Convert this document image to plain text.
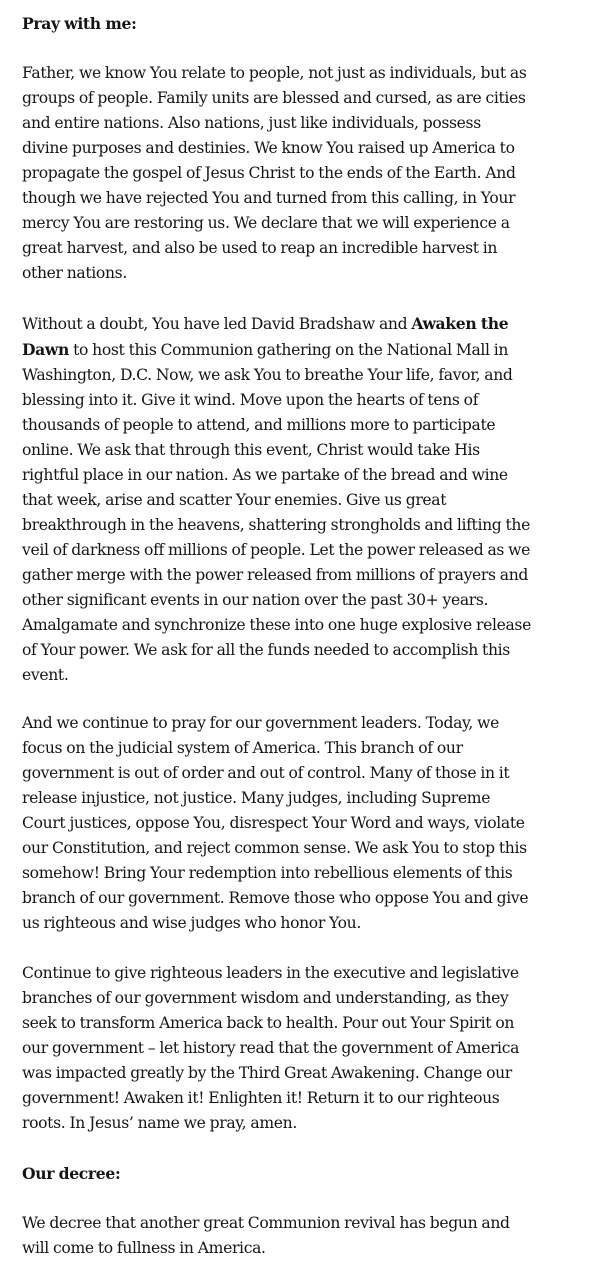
Pray with me:
Father, we know You relate to people, not just as individuals, but as
groups of people. Family units are blessed and cursed, as are cities
and entire nations. Also nations, just like individuals, possess
divine purposes and destinies. We know You raised up America to
propagate the gospel of Jesus Christ to the ends of the Earth. And
though we have rejected You and turned from this calling, in Your
mercy You are restoring us. We declare that we will experience a
great harvest, and also be used to reap an incredible harvest in
other nations.
Without a doubt, You have led David Bradshaw and Awaken the
Dawn to host this Communion gathering on the National Mall in
Washington, D.C. Now, we ask You to breathe Your life, favor, and
blessing into it. Give it wind. Move upon the hearts of tens of
thousands of people to attend, and millions more to participate
online. We ask that through this event, Christ would take His
rightful place in our nation. As we partake of the bread and wine
that week, arise and scatter Your enemies. Give us great
breakthrough in the heavens, shattering strongholds and lifting the
veil of darkness off millions of people. Let the power released as we
gather merge with the power released from millions of prayers and
other significant events in our nation over the past 30+ years.
Amalgamate and synchronize these into one huge explosive release
of Your power. We ask for all the funds needed to accomplish this
event.
And we continue to pray for our government leaders. Today, we
focus on the judicial system of America. This branch of our
government is out of order and out of control. Many of those in it
release injustice, not justice. Many judges, including Supreme
Court justices, oppose You, disrespect Your Word and ways, violate
our Constitution, and reject common sense. We ask You to stop this
somehow! Bring Your redemption into rebellious elements of this
branch of our government. Remove those who oppose You and give
us righteous and wise judges who honor You.
Continue to give righteous leaders in the executive and legislative
branches of our government wisdom and understanding, as they
seek to transform America back to health. Pour out Your Spirit on
our government – let history read that the government of America
was impacted greatly by the Third Great Awakening. Change our
government! Awaken it! Enlighten it! Return it to our righteous
roots. In Jesus’ name we pray, amen.
Our decree:
We decree that another great Communion revival has begun and
will come to fullness in America.
